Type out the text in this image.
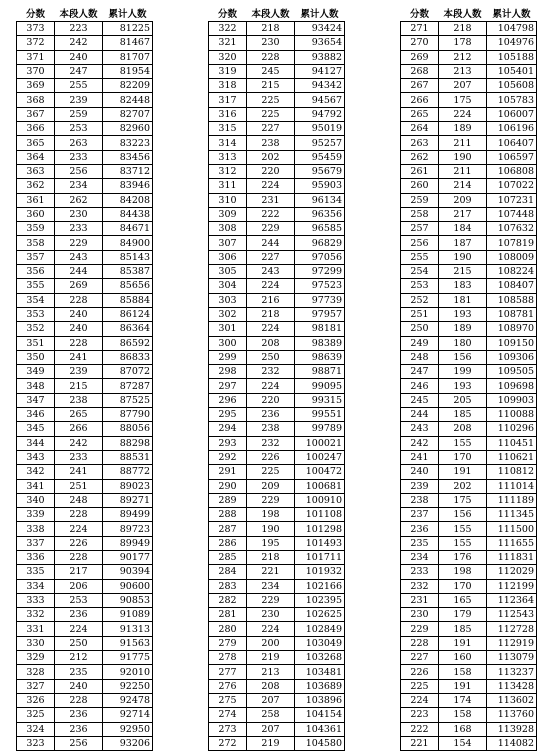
分数	本段人数	累计人数
373	223	81225
372	242	81467
371	240	81707
370	247	81954
369	255	82209
368	239	82448
367	259	82707
366	253	82960
365	263	83223
364	233	83456
363	256	83712
362	234	83946
361	262	84208
360	230	84438
359	233	84671
358	229	84900
357	243	85143
356	244	85387
355	269	85656
354	228	85884
353	240	86124
352	240	86364
351	228	86592
350	241	86833
349	239	87072
348	215	87287
347	238	87525
346	265	87790
345	266	88056
344	242	88298
343	233	88531
342	241	88772
341	251	89023
340	248	89271
339	228	89499
338	224	89723
337	226	89949
336	228	90177
335	217	90394
334	206	90600
333	253	90853
332	236	91089
331	224	91313
330	250	91563
329	212	91775
328	235	92010
327	240	92250
326	228	92478
325	236	92714
324	236	92950
323	256	93206
分数	本段人数	累计人数
322	218	93424
321	230	93654
320	228	93882
319	245	94127
318	215	94342
317	225	94567
316	225	94792
315	227	95019
314	238	95257
313	202	95459
312	220	95679
311	224	95903
310	231	96134
309	222	96356
308	229	96585
307	244	96829
306	227	97056
305	243	97299
304	224	97523
303	216	97739
302	218	97957
301	224	98181
300	208	98389
299	250	98639
298	232	98871
297	224	99095
296	220	99315
295	236	99551
294	238	99789
293	232	100021
292	226	100247
291	225	100472
290	209	100681
289	229	100910
288	198	101108
287	190	101298
286	195	101493
285	218	101711
284	221	101932
283	234	102166
282	229	102395
281	230	102625
280	224	102849
279	200	103049
278	219	103268
277	213	103481
276	208	103689
275	207	103896
274	258	104154
273	207	104361
272	219	104580
分数	本段人数	累计人数
271	218	104798
270	178	104976
269	212	105188
268	213	105401
267	207	105608
266	175	105783
265	224	106007
264	189	106196
263	211	106407
262	190	106597
261	211	106808
260	214	107022
259	209	107231
258	217	107448
257	184	107632
256	187	107819
255	190	108009
254	215	108224
253	183	108407
252	181	108588
251	193	108781
250	189	108970
249	180	109150
248	156	109306
247	199	109505
246	193	109698
245	205	109903
244	185	110088
243	208	110296
242	155	110451
241	170	110621
240	191	110812
239	202	111014
238	175	111189
237	156	111345
236	155	111500
235	155	111655
234	176	111831
233	198	112029
232	170	112199
231	165	112364
230	179	112543
229	185	112728
228	191	112919
227	160	113079
226	158	113237
225	191	113428
224	174	113602
223	158	113760
222	168	113928
221	154	114082
